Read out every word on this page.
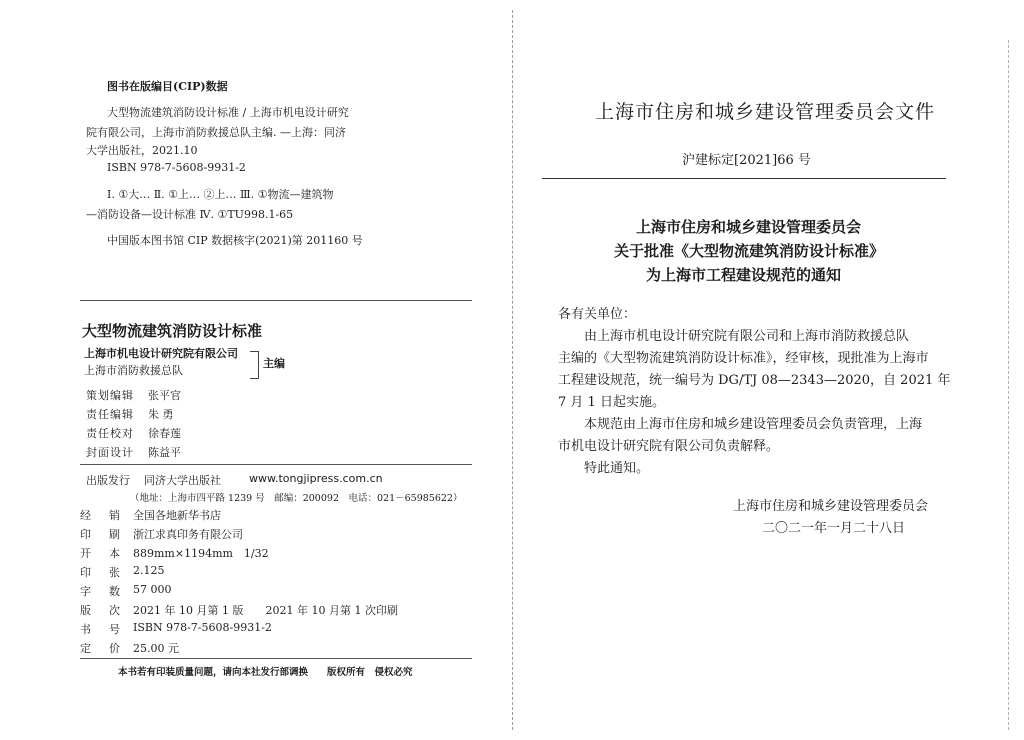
图书在版编目(CIP)数据
大型物流建筑消防设计标准 / 上海市机电设计研究
院有限公司，上海市消防救援总队主编. —上海：同济
大学出版社，2021.10
ISBN 978-7-5608-9931-2
Ⅰ. ①大… Ⅱ. ①上… ②上… Ⅲ. ①物流—建筑物
—消防设备—设计标准 Ⅳ. ①TU998.1-65
中国版本图书馆 CIP 数据核字(2021)第 201160 号
大型物流建筑消防设计标准
上海市机电设计研究院有限公司
上海市消防救援总队
主编
策划编辑	张平官
责任编辑	朱 勇
责任校对	徐春莲
封面设计	陈益平
出版发行 同济大学出版社	www.tongjipress.com.cn
（地址：上海市四平路 1239 号　邮编：200092　电话：021－65985622）
经 销 全国各地新华书店
印 刷 浙江求真印务有限公司
开 本 889mm×1194mm　1/32
印 张 2.125
字 数 57 000
版 次 2021 年 10 月第 1 版　　2021 年 10 月第 1 次印刷
书 号 ISBN 978-7-5608-9931-2
定 价 25.00 元
本书若有印装质量问题，请向本社发行部调换　　版权所有　侵权必究
上海市住房和城乡建设管理委员会文件
沪建标定[2021]66 号
上海市住房和城乡建设管理委员会
关于批准《大型物流建筑消防设计标准》
为上海市工程建设规范的通知
各有关单位：
　　由上海市机电设计研究院有限公司和上海市消防救援总队
主编的《大型物流建筑消防设计标准》，经审核，现批准为上海市
工程建设规范，统一编号为 DG/TJ 08—2343—2020，自 2021 年
7 月 1 日起实施。
　　本规范由上海市住房和城乡建设管理委员会负责管理，上海
市机电设计研究院有限公司负责解释。
　　特此通知。
上海市住房和城乡建设管理委员会
二〇二一年一月二十八日
